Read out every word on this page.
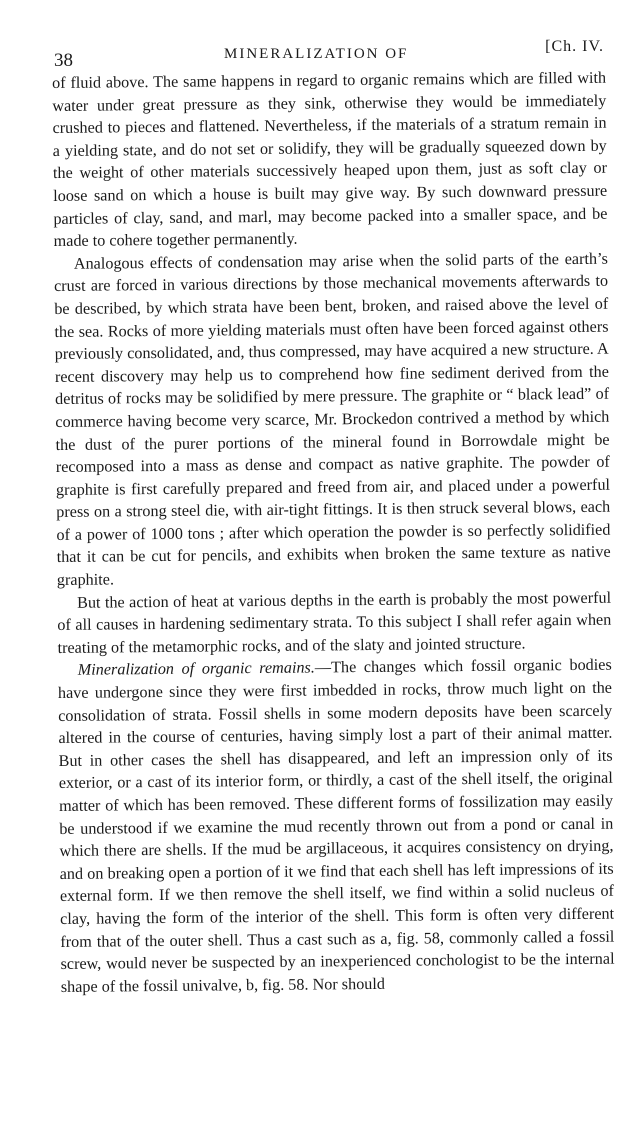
38	MINERALIZATION OF	[Ch. IV.

of fluid above. The same happens in regard to organic remains which are filled with water under great pressure as they sink, otherwise they would be immediately crushed to pieces and flattened. Nevertheless, if the materials of a stratum remain in a yielding state, and do not set or solidify, they will be gradually squeezed down by the weight of other materials successively heaped upon them, just as soft clay or loose sand on which a house is built may give way. By such downward pressure particles of clay, sand, and marl, may become packed into a smaller space, and be made to cohere together permanently.

Analogous effects of condensation may arise when the solid parts of the earth’s crust are forced in various directions by those mechanical movements afterwards to be described, by which strata have been bent, broken, and raised above the level of the sea. Rocks of more yielding materials must often have been forced against others previously consolidated, and, thus compressed, may have acquired a new structure. A recent discovery may help us to comprehend how fine sediment derived from the detritus of rocks may be solidified by mere pressure. The graphite or “ black lead” of commerce having become very scarce, Mr. Brockedon contrived a method by which the dust of the purer portions of the mineral found in Borrowdale might be recomposed into a mass as dense and compact as native graphite. The powder of graphite is first carefully prepared and freed from air, and placed under a powerful press on a strong steel die, with air-tight fittings. It is then struck several blows, each of a power of 1000 tons ; after which operation the powder is so perfectly solidified that it can be cut for pencils, and exhibits when broken the same texture as native graphite.

But the action of heat at various depths in the earth is probably the most powerful of all causes in hardening sedimentary strata. To this subject I shall refer again when treating of the metamorphic rocks, and of the slaty and jointed structure.

Mineralization of organic remains.—The changes which fossil organic bodies have undergone since they were first imbedded in rocks, throw much light on the consolidation of strata. Fossil shells in some modern deposits have been scarcely altered in the course of centuries, having simply lost a part of their animal matter. But in other cases the shell has disappeared, and left an impression only of its exterior, or a cast of its interior form, or thirdly, a cast of the shell itself, the original matter of which has been removed. These different forms of fossilization may easily be understood if we examine the mud recently thrown out from a pond or canal in which there are shells. If the mud be argillaceous, it acquires consistency on drying, and on breaking open a portion of it we find that each shell has left impressions of its external form. If we then remove the shell itself, we find within a solid nucleus of clay, having the form of the interior of the shell. This form is often very different from that of the outer shell. Thus a cast such as a, fig. 58, commonly called a fossil screw, would never be suspected by an inexperienced conchologist to be the internal shape of the fossil univalve, b, fig. 58. Nor should
